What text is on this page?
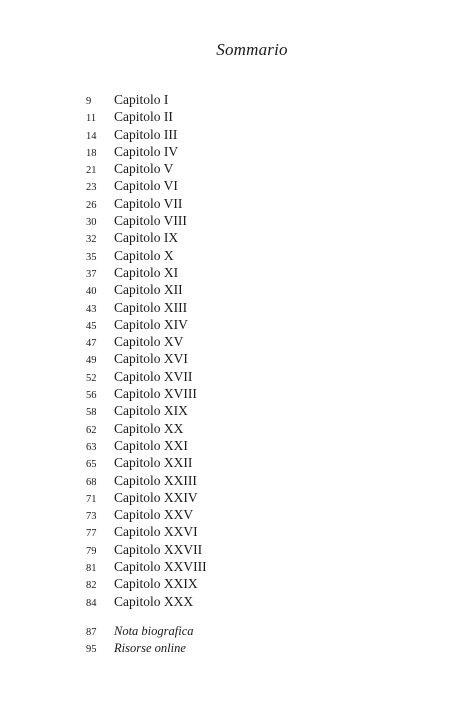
Sommario
9	Capitolo I
11	Capitolo II
14	Capitolo III
18	Capitolo IV
21	Capitolo V
23	Capitolo VI
26	Capitolo VII
30	Capitolo VIII
32	Capitolo IX
35	Capitolo X
37	Capitolo XI
40	Capitolo XII
43	Capitolo XIII
45	Capitolo XIV
47	Capitolo XV
49	Capitolo XVI
52	Capitolo XVII
56	Capitolo XVIII
58	Capitolo XIX
62	Capitolo XX
63	Capitolo XXI
65	Capitolo XXII
68	Capitolo XXIII
71	Capitolo XXIV
73	Capitolo XXV
77	Capitolo XXVI
79	Capitolo XXVII
81	Capitolo XXVIII
82	Capitolo XXIX
84	Capitolo XXX
87	Nota biografica
95	Risorse online
